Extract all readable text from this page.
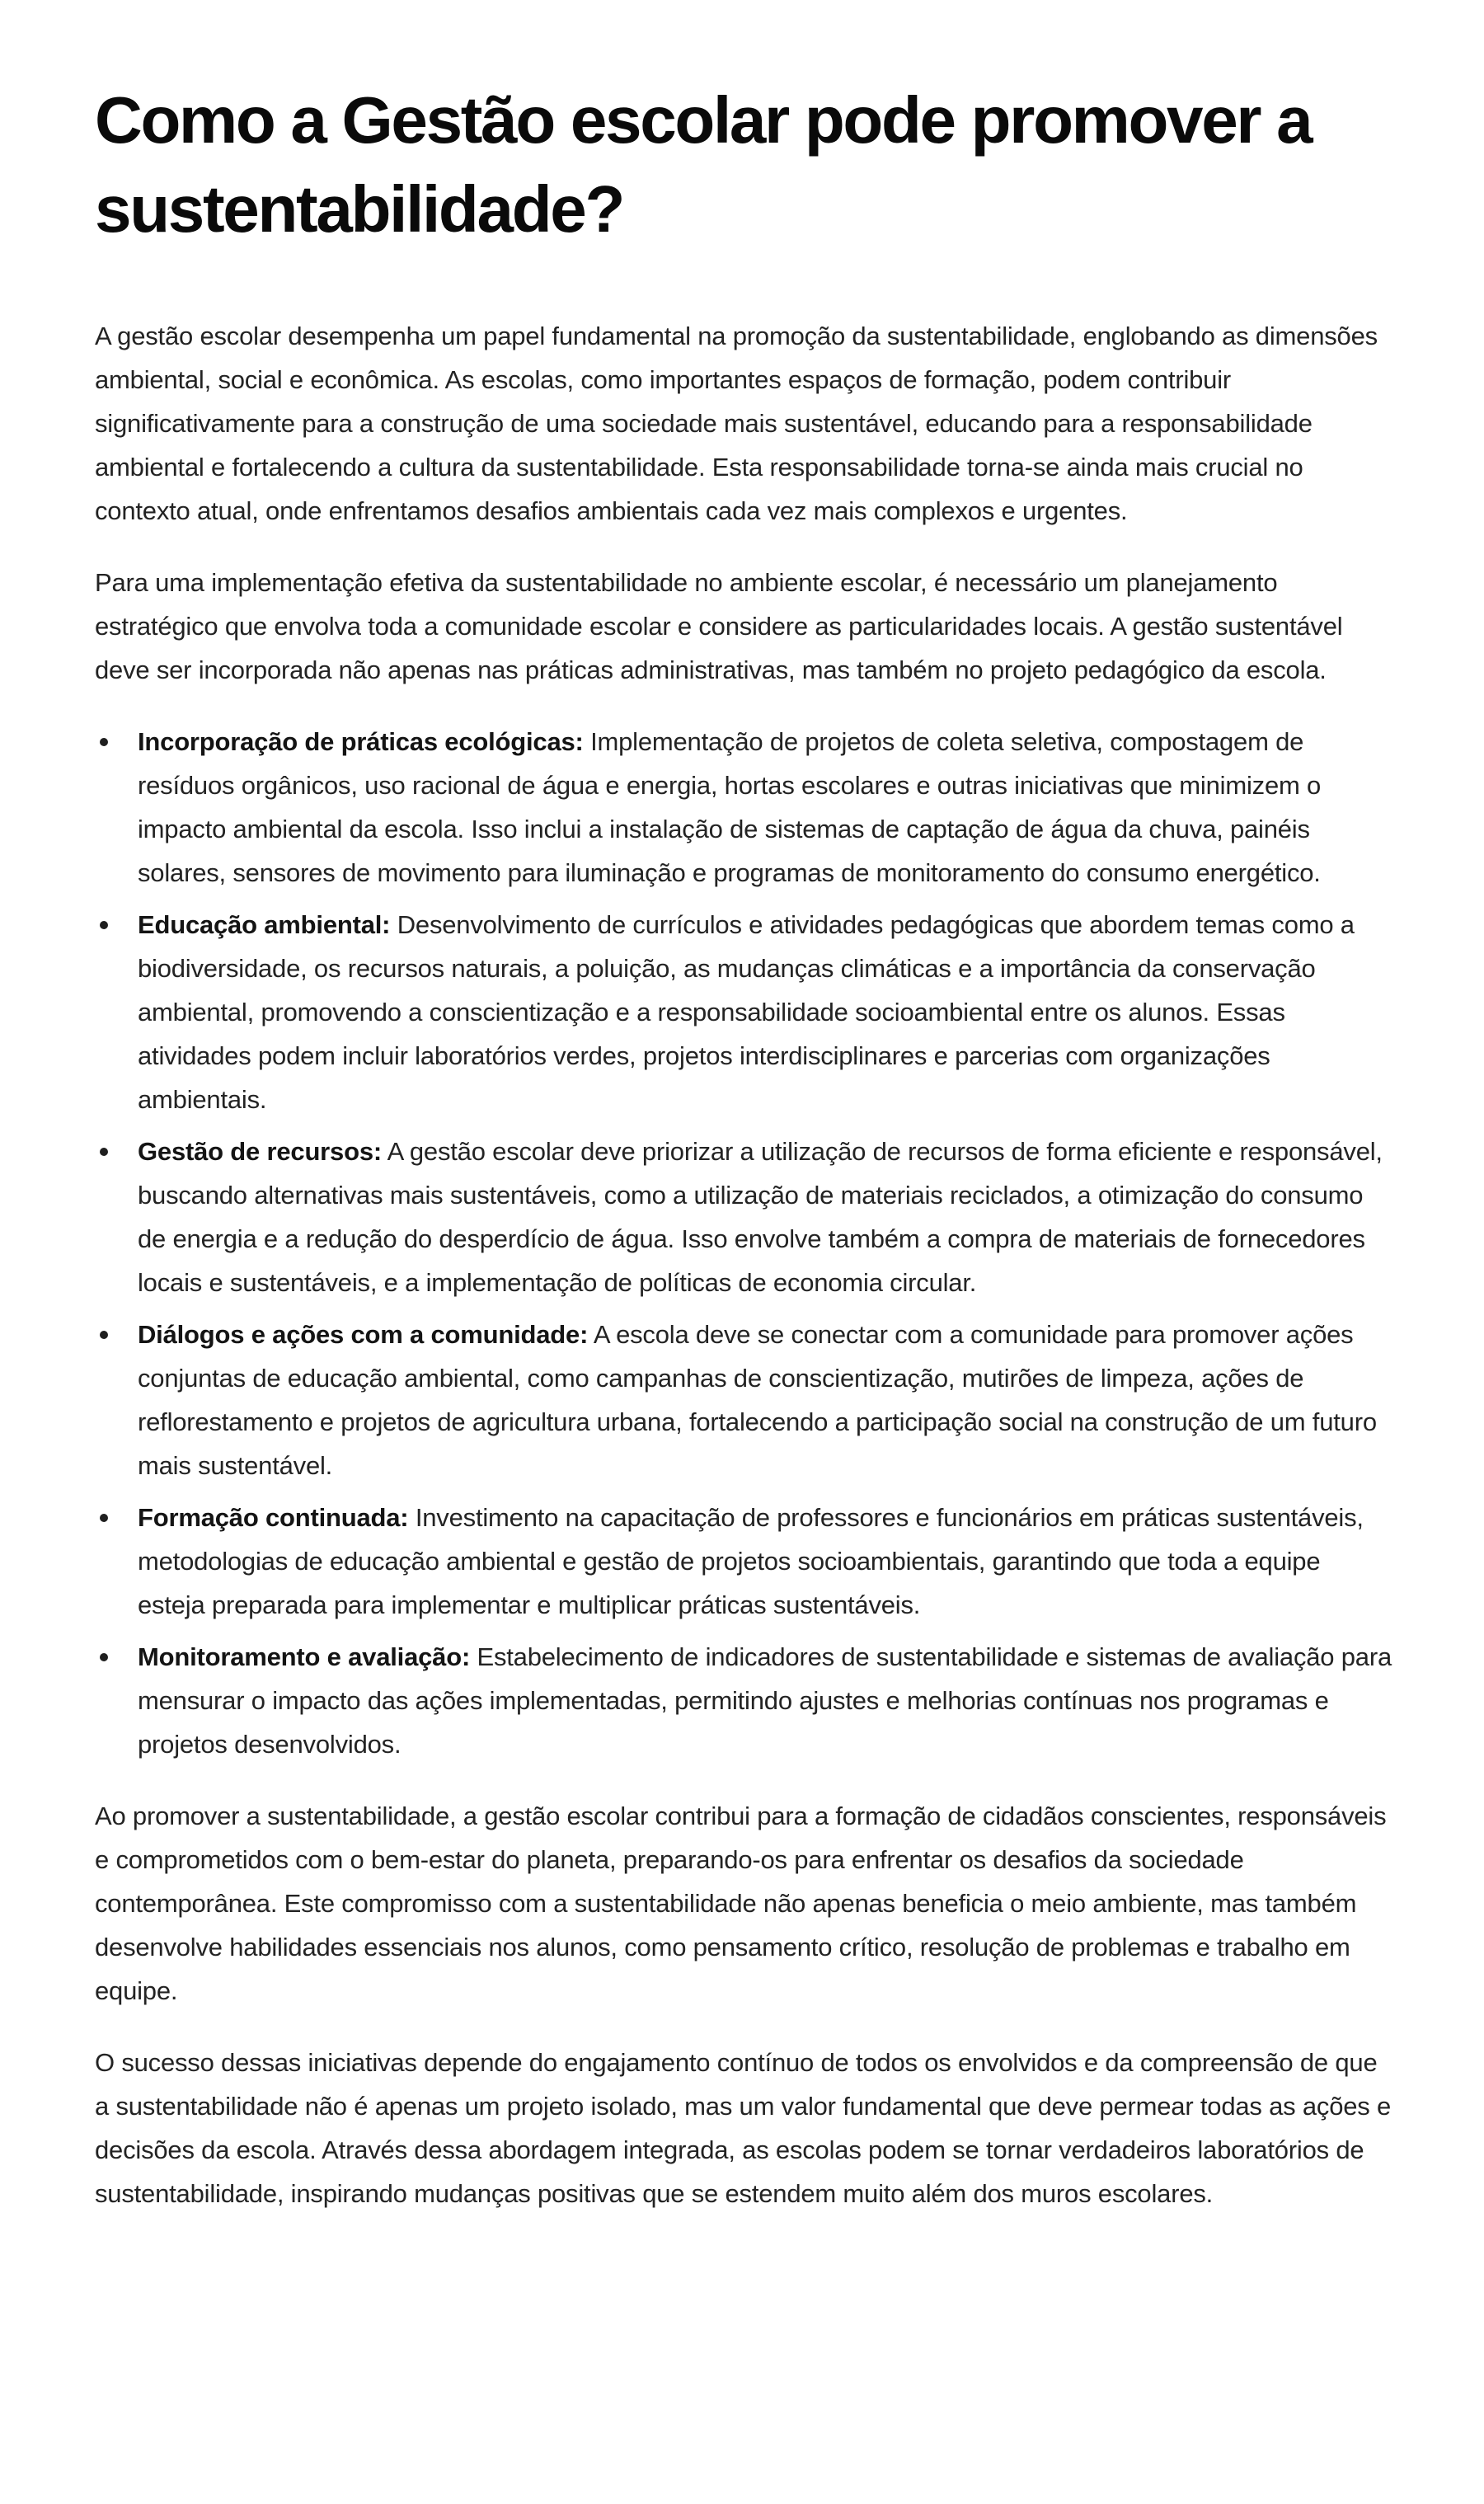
Como a Gestão escolar pode promover a sustentabilidade?

A gestão escolar desempenha um papel fundamental na promoção da sustentabilidade, englobando as dimensões ambiental, social e econômica. As escolas, como importantes espaços de formação, podem contribuir significativamente para a construção de uma sociedade mais sustentável, educando para a responsabilidade ambiental e fortalecendo a cultura da sustentabilidade. Esta responsabilidade torna-se ainda mais crucial no contexto atual, onde enfrentamos desafios ambientais cada vez mais complexos e urgentes.

Para uma implementação efetiva da sustentabilidade no ambiente escolar, é necessário um planejamento estratégico que envolva toda a comunidade escolar e considere as particularidades locais. A gestão sustentável deve ser incorporada não apenas nas práticas administrativas, mas também no projeto pedagógico da escola.

Incorporação de práticas ecológicas: Implementação de projetos de coleta seletiva, compostagem de resíduos orgânicos, uso racional de água e energia, hortas escolares e outras iniciativas que minimizem o impacto ambiental da escola. Isso inclui a instalação de sistemas de captação de água da chuva, painéis solares, sensores de movimento para iluminação e programas de monitoramento do consumo energético.
Educação ambiental: Desenvolvimento de currículos e atividades pedagógicas que abordem temas como a biodiversidade, os recursos naturais, a poluição, as mudanças climáticas e a importância da conservação ambiental, promovendo a conscientização e a responsabilidade socioambiental entre os alunos. Essas atividades podem incluir laboratórios verdes, projetos interdisciplinares e parcerias com organizações ambientais.
Gestão de recursos: A gestão escolar deve priorizar a utilização de recursos de forma eficiente e responsável, buscando alternativas mais sustentáveis, como a utilização de materiais reciclados, a otimização do consumo de energia e a redução do desperdício de água. Isso envolve também a compra de materiais de fornecedores locais e sustentáveis, e a implementação de políticas de economia circular.
Diálogos e ações com a comunidade: A escola deve se conectar com a comunidade para promover ações conjuntas de educação ambiental, como campanhas de conscientização, mutirões de limpeza, ações de reflorestamento e projetos de agricultura urbana, fortalecendo a participação social na construção de um futuro mais sustentável.
Formação continuada: Investimento na capacitação de professores e funcionários em práticas sustentáveis, metodologias de educação ambiental e gestão de projetos socioambientais, garantindo que toda a equipe esteja preparada para implementar e multiplicar práticas sustentáveis.
Monitoramento e avaliação: Estabelecimento de indicadores de sustentabilidade e sistemas de avaliação para mensurar o impacto das ações implementadas, permitindo ajustes e melhorias contínuas nos programas e projetos desenvolvidos.

Ao promover a sustentabilidade, a gestão escolar contribui para a formação de cidadãos conscientes, responsáveis e comprometidos com o bem-estar do planeta, preparando-os para enfrentar os desafios da sociedade contemporânea. Este compromisso com a sustentabilidade não apenas beneficia o meio ambiente, mas também desenvolve habilidades essenciais nos alunos, como pensamento crítico, resolução de problemas e trabalho em equipe.

O sucesso dessas iniciativas depende do engajamento contínuo de todos os envolvidos e da compreensão de que a sustentabilidade não é apenas um projeto isolado, mas um valor fundamental que deve permear todas as ações e decisões da escola. Através dessa abordagem integrada, as escolas podem se tornar verdadeiros laboratórios de sustentabilidade, inspirando mudanças positivas que se estendem muito além dos muros escolares.
